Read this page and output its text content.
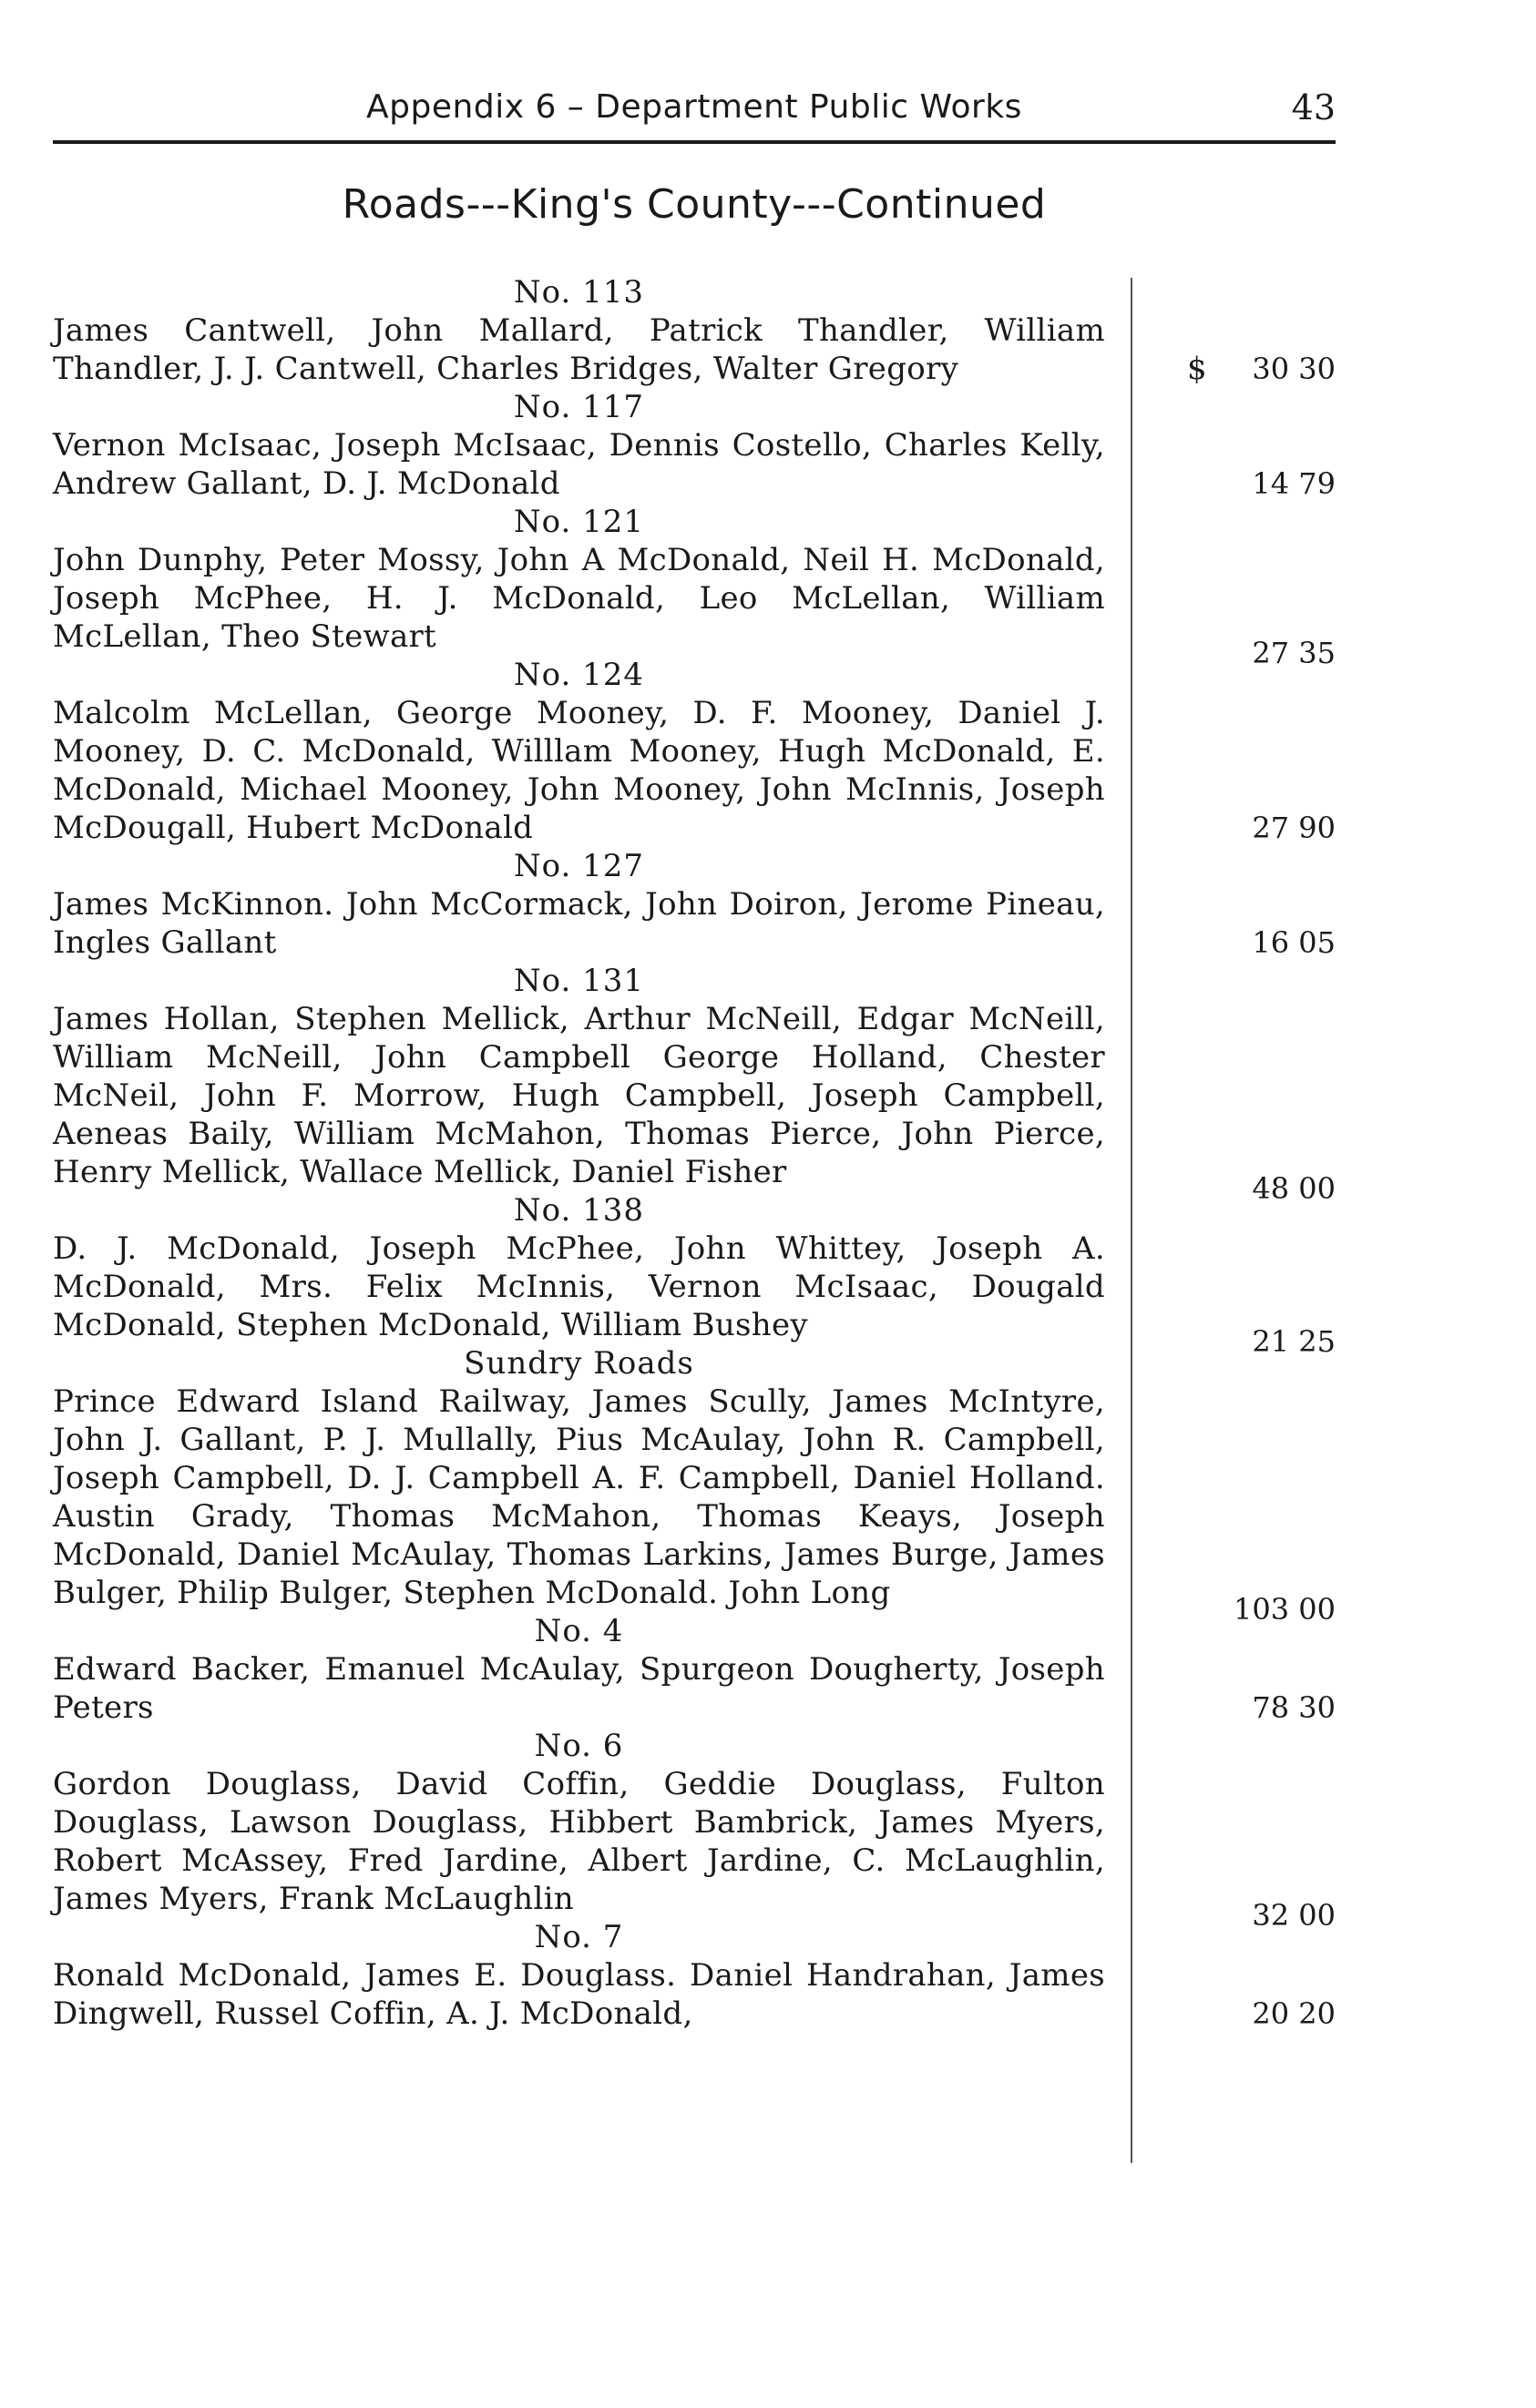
Appendix 6 – Department Public Works	43
Roads---King's County---Continued
No. 113
James Cantwell, John Mallard, Patrick Thandler, William Thandler, J. J. Cantwell, Charles Bridges, Walter Gregory	$	30 30
No. 117
Vernon McIsaac, Joseph McIsaac, Dennis Costello, Charles Kelly, Andrew Gallant, D. J. McDonald	14 79
No. 121
John Dunphy, Peter Mossy, John A McDonald, Neil H. McDonald, Joseph McPhee, H. J. McDonald, Leo McLellan, William McLellan, Theo Stewart	27 35
No. 124
Malcolm McLellan, George Mooney, D. F. Mooney, Daniel J. Mooney, D. C. McDonald, Willlam Mooney, Hugh McDonald, E. McDonald, Michael Mooney, John Mooney, John McInnis, Joseph McDougall, Hubert McDonald	27 90
No. 127
James McKinnon. John McCormack, John Doiron, Jerome Pineau, Ingles Gallant	16 05
No. 131
James Hollan, Stephen Mellick, Arthur McNeill, Edgar McNeill, William McNeill, John Campbell George Holland, Chester McNeil, John F. Morrow, Hugh Campbell, Joseph Campbell, Aeneas Baily, William McMahon, Thomas Pierce, John Pierce, Henry Mellick, Wallace Mellick, Daniel Fisher	48 00
No. 138
D. J. McDonald, Joseph McPhee, John Whittey, Joseph A. McDonald, Mrs. Felix McInnis, Vernon McIsaac, Dougald McDonald, Stephen McDonald, William Bushey	21 25
Sundry Roads
Prince Edward Island Railway, James Scully, James McIntyre, John J. Gallant, P. J. Mullally, Pius McAulay, John R. Campbell, Joseph Campbell, D. J. Campbell A. F. Campbell, Daniel Holland. Austin Grady, Thomas McMahon, Thomas Keays, Joseph McDonald, Daniel McAulay, Thomas Larkins, James Burge, James Bulger, Philip Bulger, Stephen McDonald. John Long	103 00
No. 4
Edward Backer, Emanuel McAulay, Spurgeon Dougherty, Joseph Peters	78 30
No. 6
Gordon Douglass, David Coffin, Geddie Douglass, Fulton Douglass, Lawson Douglass, Hibbert Bambrick, James Myers, Robert McAssey, Fred Jardine, Albert Jardine, C. McLaughlin, James Myers, Frank McLaughlin	32 00
No. 7
Ronald McDonald, James E. Douglass. Daniel Handrahan, James Dingwell, Russel Coffin, A. J. McDonald,	20 20
